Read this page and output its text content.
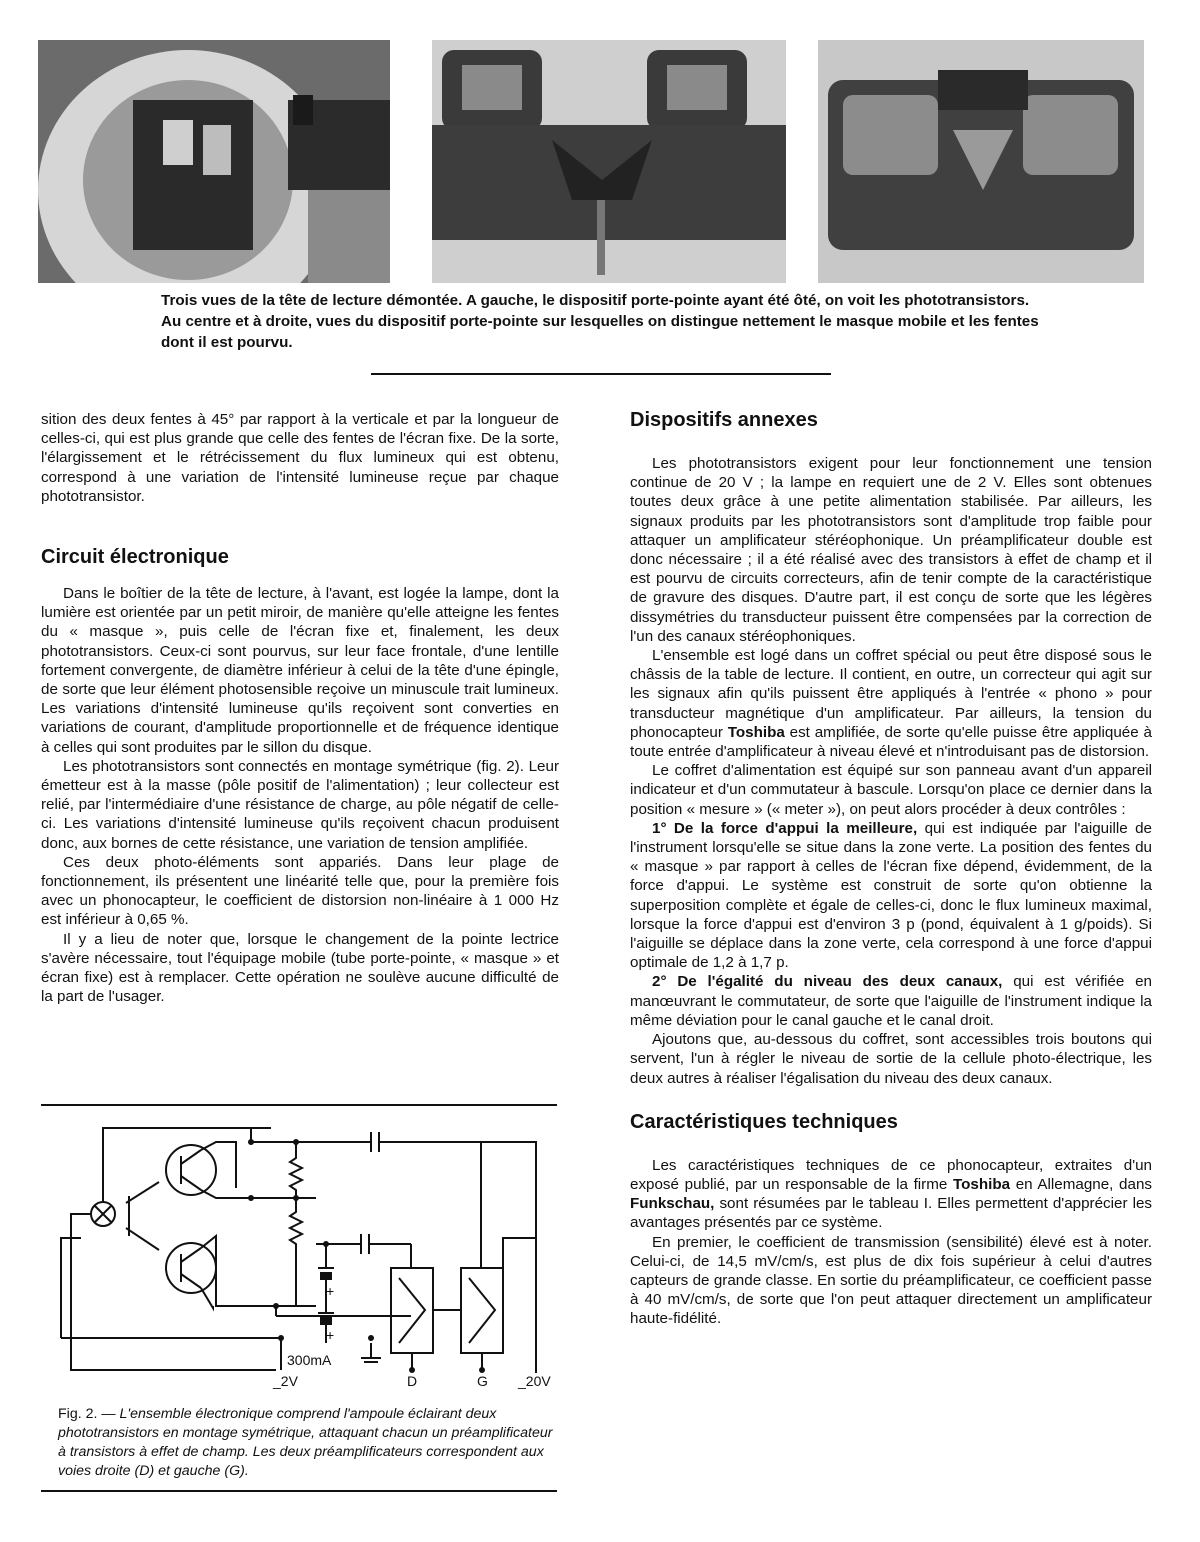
Trois vues de la tête de lecture démontée. A gauche, le dispositif porte-pointe ayant été ôté, on voit les phototransistors. Au centre et à droite, vues du dispositif porte-pointe sur lesquelles on distingue nettement le masque mobile et les fentes dont il est pourvu.

sition des deux fentes à 45° par rapport à la verticale et par la longueur de celles-ci, qui est plus grande que celle des fentes de l'écran fixe. De la sorte, l'élargissement et le rétrécissement du flux lumineux qui est obtenu, correspond à une variation de l'intensité lumineuse reçue par chaque phototransistor.

Circuit électronique

Dans le boîtier de la tête de lecture, à l'avant, est logée la lampe, dont la lumière est orientée par un petit miroir, de manière qu'elle atteigne les fentes du « masque », puis celle de l'écran fixe et, finalement, les deux phototransistors. Ceux-ci sont pourvus, sur leur face frontale, d'une lentille fortement convergente, de diamètre inférieur à celui de la tête d'une épingle, de sorte que leur élément photosensible reçoive un minuscule trait lumineux. Les variations d'intensité lumineuse qu'ils reçoivent sont converties en variations de courant, d'amplitude proportionnelle et de fréquence identique à celles qui sont produites par le sillon du disque.

Les phototransistors sont connectés en montage symétrique (fig. 2). Leur émetteur est à la masse (pôle positif de l'alimentation) ; leur collecteur est relié, par l'intermédiaire d'une résistance de charge, au pôle négatif de celle-ci. Les variations d'intensité lumineuse qu'ils reçoivent chacun produisent donc, aux bornes de cette résistance, une variation de tension amplifiée.

Ces deux photo-éléments sont appariés. Dans leur plage de fonctionnement, ils présentent une linéarité telle que, pour la première fois avec un phonocapteur, le coefficient de distorsion non-linéaire à 1 000 Hz est inférieur à 0,65 %.

Il y a lieu de noter que, lorsque le changement de la pointe lectrice s'avère nécessaire, tout l'équipage mobile (tube porte-pointe, « masque » et écran fixe) est à remplacer. Cette opération ne soulève aucune difficulté de la part de l'usager.

+
+
300mA
_2V	D	G _20V
Fig. 2. — L'ensemble électronique comprend l'ampoule éclairant deux phototransistors en montage symétrique, attaquant chacun un préamplificateur à transistors à effet de champ. Les deux préamplificateurs correspondent aux voies droite (D) et gauche (G).
Dispositifs annexes

Les phototransistors exigent pour leur fonctionnement une tension continue de 20 V ; la lampe en requiert une de 2 V. Elles sont obtenues toutes deux grâce à une petite alimentation stabilisée. Par ailleurs, les signaux produits par les phototransistors sont d'amplitude trop faible pour attaquer un amplificateur stéréophonique. Un préamplificateur double est donc nécessaire ; il a été réalisé avec des transistors à effet de champ et il est pourvu de circuits correcteurs, afin de tenir compte de la caractéristique de gravure des disques. D'autre part, il est conçu de sorte que les légères dissymétries du transducteur puissent être compensées par la correction de l'un des canaux stéréophoniques.

L'ensemble est logé dans un coffret spécial ou peut être disposé sous le châssis de la table de lecture. Il contient, en outre, un correcteur qui agit sur les signaux afin qu'ils puissent être appliqués à l'entrée « phono » pour transducteur magnétique d'un amplificateur. Par ailleurs, la tension du phonocapteur Toshiba est amplifiée, de sorte qu'elle puisse être appliquée à toute entrée d'amplificateur à niveau élevé et n'introduisant pas de distorsion.

Le coffret d'alimentation est équipé sur son panneau avant d'un appareil indicateur et d'un commutateur à bascule. Lorsqu'on place ce dernier dans la position « mesure » (« meter »), on peut alors procéder à deux contrôles :

1° De la force d'appui la meilleure, qui est indiquée par l'aiguille de l'instrument lorsqu'elle se situe dans la zone verte. La position des fentes du « masque » par rapport à celles de l'écran fixe dépend, évidemment, de la force d'appui. Le système est construit de sorte qu'on obtienne la superposition complète et égale de celles-ci, donc le flux lumineux maximal, lorsque la force d'appui est d'environ 3 p (pond, équivalent à 1 g/poids). Si l'aiguille se déplace dans la zone verte, cela correspond à une force d'appui optimale de 1,2 à 1,7 p.

2° De l'égalité du niveau des deux canaux, qui est vérifiée en manœuvrant le commutateur, de sorte que l'aiguille de l'instrument indique la même déviation pour le canal gauche et le canal droit.

Ajoutons que, au-dessous du coffret, sont accessibles trois boutons qui servent, l'un à régler le niveau de sortie de la cellule photo-électrique, les deux autres à réaliser l'égalisation du niveau des deux canaux.

Caractéristiques techniques

Les caractéristiques techniques de ce phonocapteur, extraites d'un exposé publié, par un responsable de la firme Toshiba en Allemagne, dans Funkschau, sont résumées par le tableau I. Elles permettent d'apprécier les avantages présentés par ce système.

En premier, le coefficient de transmission (sensibilité) élevé est à noter. Celui-ci, de 14,5 mV/cm/s, est plus de dix fois supérieur à celui d'autres capteurs de grande classe. En sortie du préamplificateur, ce coefficient passe à 40 mV/cm/s, de sorte que l'on peut attaquer directement un amplificateur haute-fidélité.
